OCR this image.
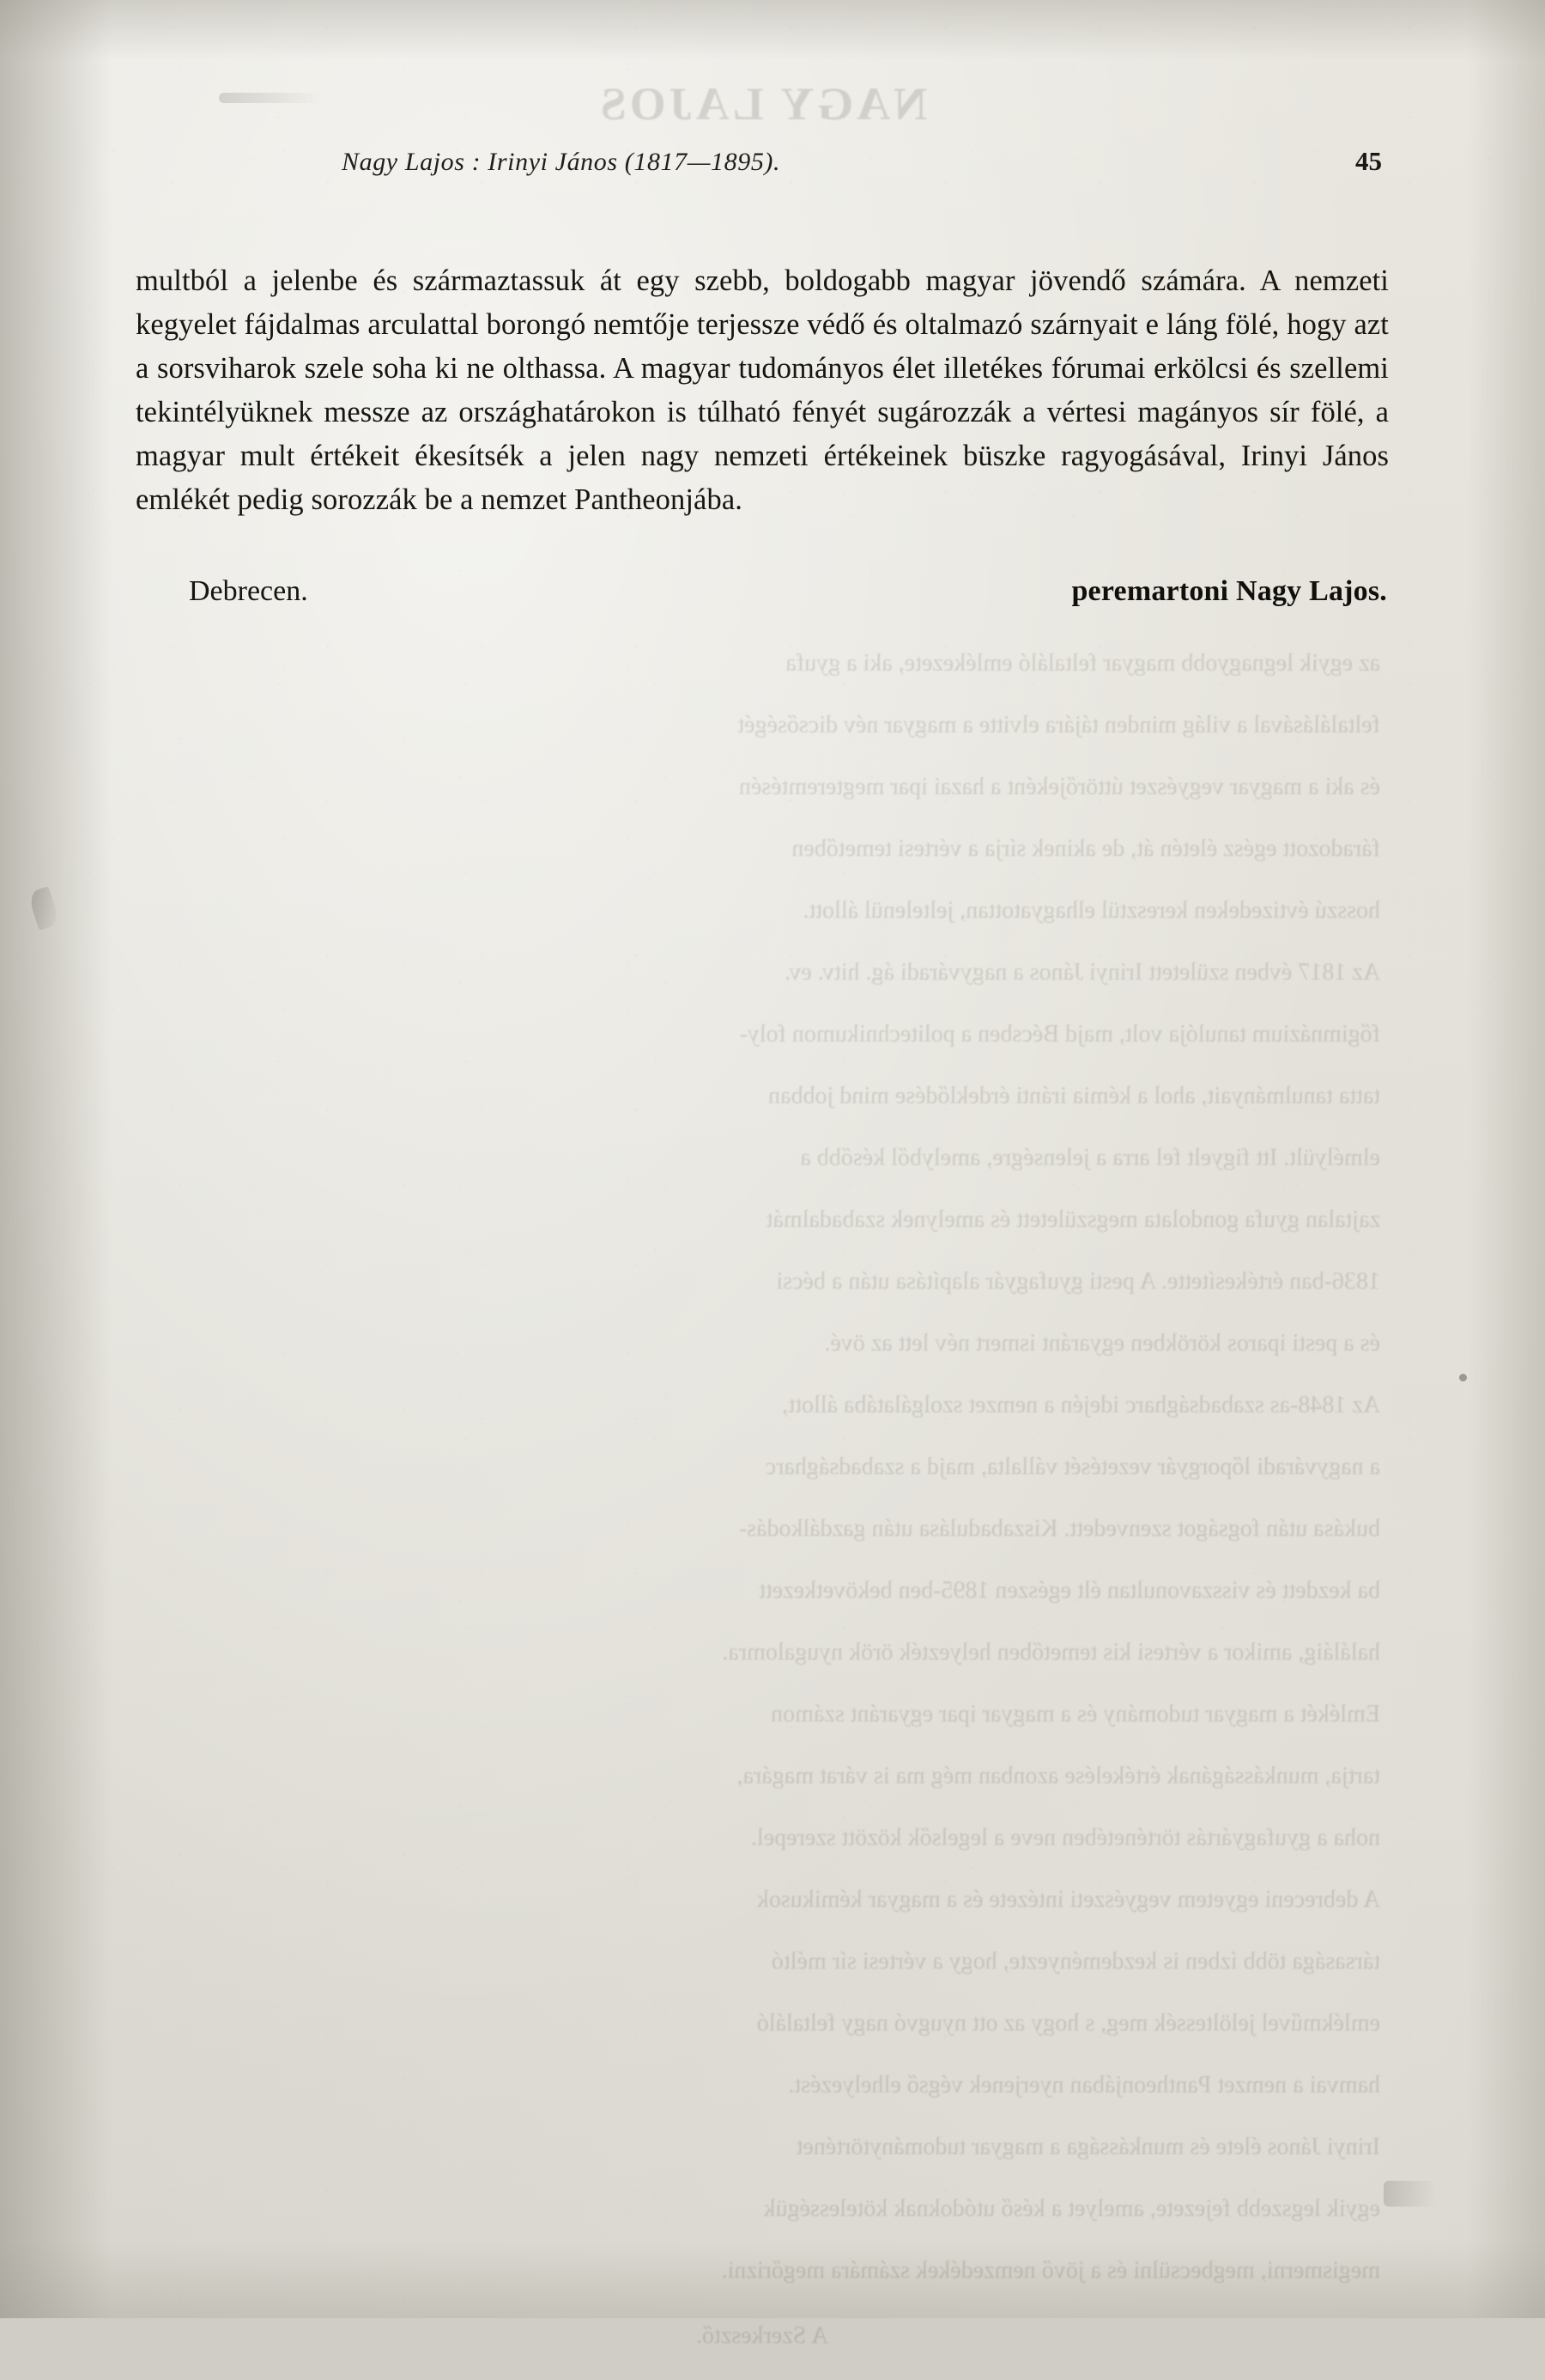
NAGY LAJOS

az egyik legnagyobb magyar feltaláló emlékezete, aki a gyufa

feltalálásával a világ minden tájára elvitte a magyar név dicsőségét

és aki a magyar vegyészet úttörőjeként a hazai ipar megteremtésén

fáradozott egész életén át, de akinek sírja a vértesi temetőben

hosszú évtizedeken keresztül elhagyatottan, jeltelenül állott.

Az 1817 évben született Irinyi János a nagyváradi ág. hitv. ev.

főgimnázium tanulója volt, majd Bécsben a politechnikumon foly-

tatta tanulmányait, ahol a kémia iránti érdeklődése mind jobban

elmélyült. Itt figyelt fel arra a jelenségre, amelyből később a

zajtalan gyufa gondolata megszületett és amelynek szabadalmát

1836-ban értékesítette. A pesti gyufagyár alapítása után a bécsi

és a pesti iparos körökben egyaránt ismert név lett az övé.

Az 1848-as szabadságharc idején a nemzet szolgálatába állott,

a nagyváradi lőporgyár vezetését vállalta, majd a szabadságharc

bukása után fogságot szenvedett. Kiszabadulása után gazdálkodás-

ba kezdett és visszavonultan élt egészen 1895-ben bekövetkezett

haláláig, amikor a vértesi kis temetőben helyezték örök nyugalomra.

Emlékét a magyar tudomány és a magyar ipar egyaránt számon

tartja, munkásságának értékelése azonban még ma is várat magára,

noha a gyufagyártás történetében neve a legelsők között szerepel.

A debreceni egyetem vegyészeti intézete és a magyar kémikusok

társasága több ízben is kezdeményezte, hogy a vértesi sír méltó

emlékművel jelöltessék meg, s hogy az ott nyugvó nagy feltaláló

hamvai a nemzet Pantheonjában nyerjenek végső elhelyezést.

Irinyi János élete és munkássága a magyar tudománytörténet

egyik legszebb fejezete, amelyet a késő utódoknak kötelességük

megismerni, megbecsülni és a jövő nemzedékek számára megőrizni.

A Szerkesztő.

Nagy Lajos : Irinyi János (1817—1895).	45
multból a jelenbe és származtassuk át egy szebb, boldogabb magyar jövendő számára. A nemzeti kegyelet fájdalmas arculattal borongó nemtője terjessze védő és oltalmazó szárnyait e láng fölé, hogy azt a sorsviharok szele soha ki ne olthassa. A magyar tudományos élet illetékes fórumai erkölcsi és szellemi tekintélyüknek messze az országhatárokon is túlható fényét sugározzák a vértesi magányos sír fölé, a magyar mult értékeit ékesítsék a jelen nagy nemzeti értékeinek büszke ragyogásával, Irinyi János emlékét pedig sorozzák be a nemzet Pantheonjába.
Debrecen.	peremartoni Nagy Lajos.
